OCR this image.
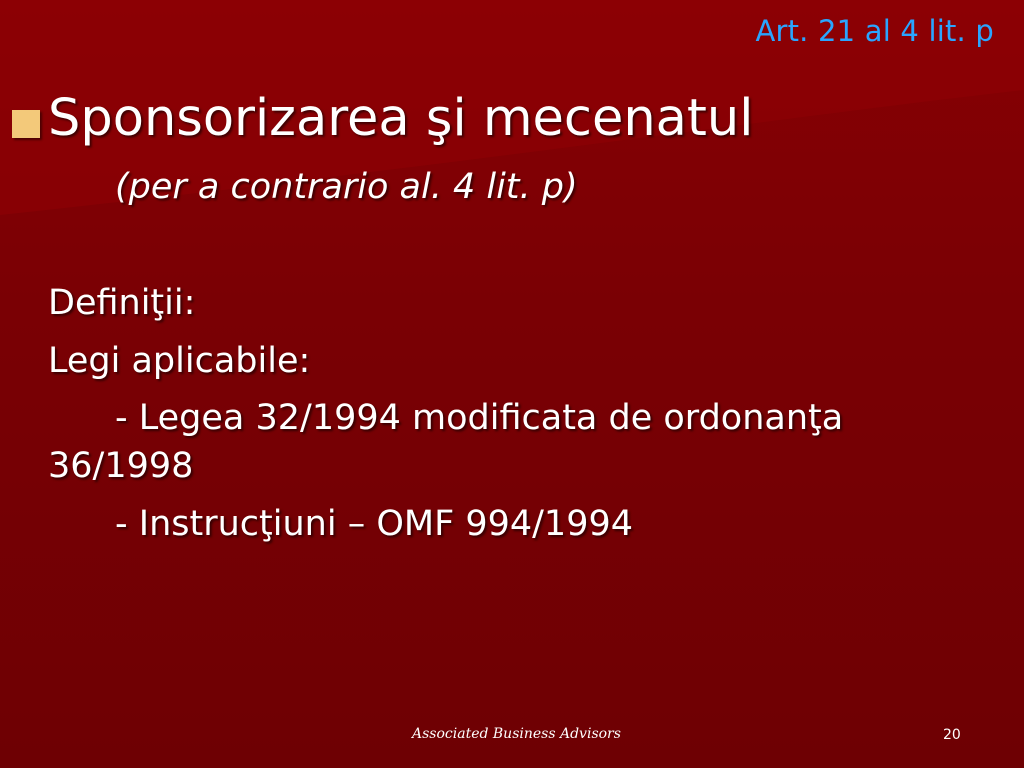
Art. 21 al 4 lit. p
Sponsorizarea şi mecenatul
(per a contrario al. 4 lit. p)
Definiţii:
Legi aplicabile:
- Legea 32/1994 modificata de ordonanţa
36/1998
- Instrucţiuni – OMF 994/1994
Associated Business Advisors	20
